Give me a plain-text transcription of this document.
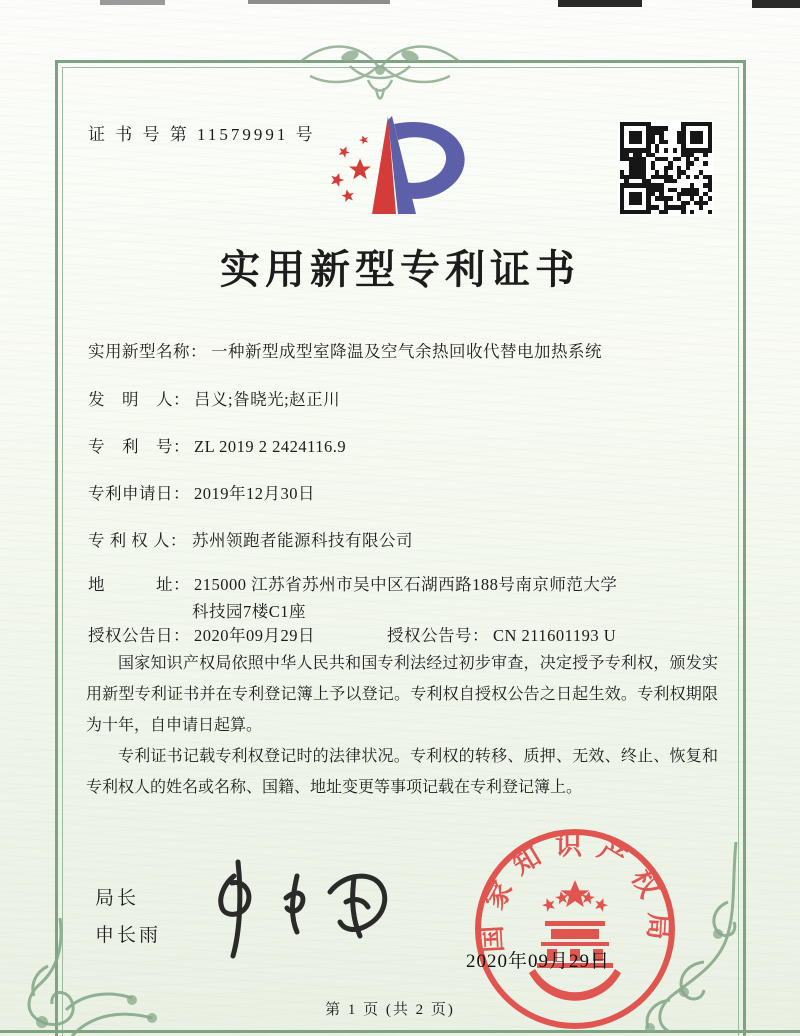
证 书 号 第 11579991 号
实用新型专利证书
实用新型名称： 一种新型成型室降温及空气余热回收代替电加热系统
发　明　人： 吕义;昝晓光;赵正川
专　利　号： ZL 2019 2 2424116.9
专利申请日： 2019年12月30日
专 利 权 人： 苏州领跑者能源科技有限公司
地　　　址： 215000 江苏省苏州市吴中区石湖西路188号南京师范大学
科技园7楼C1座
授权公告日： 2020年09月29日	授权公告号： CN 211601193 U

国家知识产权局依照中华人民共和国专利法经过初步审查，决定授予专利权，颁发实用新型专利证书并在专利登记簿上予以登记。专利权自授权公告之日起生效。专利权期限为十年，自申请日起算。

专利证书记载专利权登记时的法律状况。专利权的转移、质押、无效、终止、恢复和专利权人的姓名或名称、国籍、地址变更等事项记载在专利登记簿上。

局长
申长雨	国家知识产权局
2020年09月29日
第 1 页 (共 2 页)
